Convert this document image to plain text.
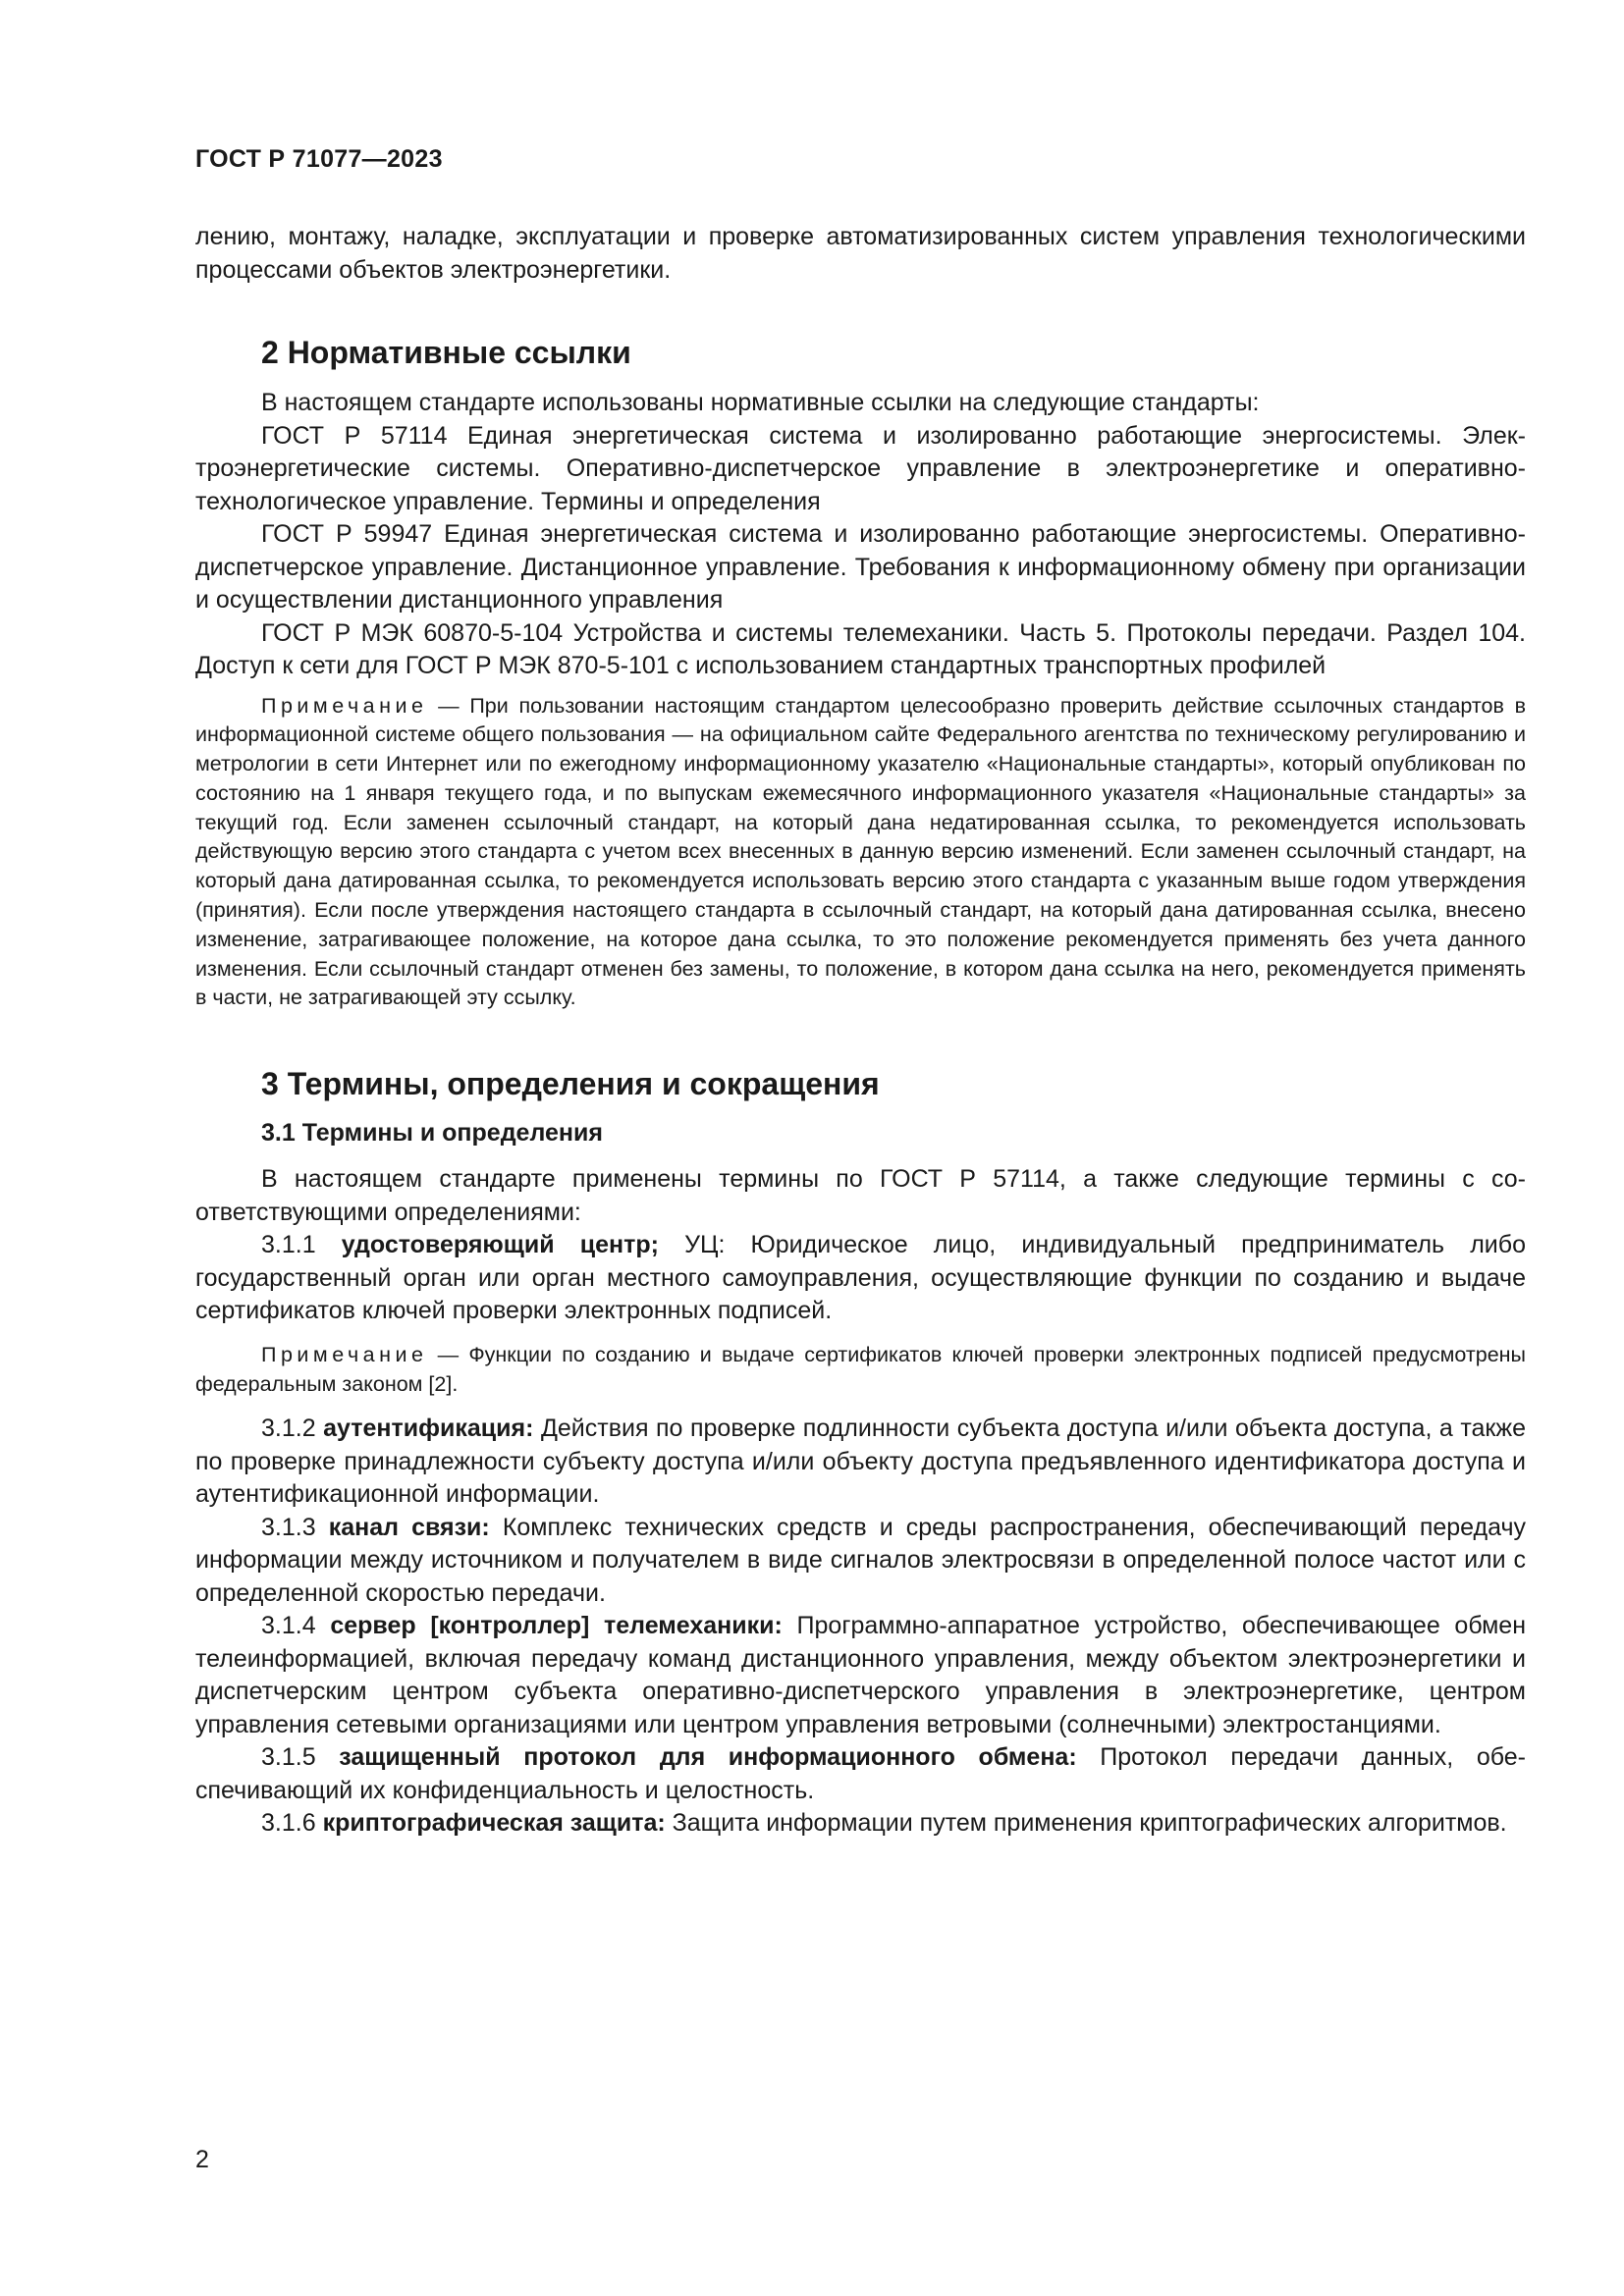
ГОСТ Р 71077—2023

лению, монтажу, наладке, эксплуатации и проверке автоматизированных систем управления технологическими процессами объектов электроэнергетики.

2 Нормативные ссылки

В настоящем стандарте использованы нормативные ссылки на следующие стандарты:

ГОСТ Р 57114 Единая энергетическая система и изолированно работающие энергосистемы. Электроэнергетические системы. Оперативно-диспетчерское управление в электроэнергетике и оперативно-технологическое управление. Термины и определения

ГОСТ Р 59947 Единая энергетическая система и изолированно работающие энергосистемы. Оперативно-диспетчерское управление. Дистанционное управление. Требования к информационному обмену при организации и осуществлении дистанционного управления

ГОСТ Р МЭК 60870-5-104 Устройства и системы телемеханики. Часть 5. Протоколы передачи. Раздел 104. Доступ к сети для ГОСТ Р МЭК 870-5-101 с использованием стандартных транспортных профилей

Примечание — При пользовании настоящим стандартом целесообразно проверить действие ссылочных стандартов в информационной системе общего пользования — на официальном сайте Федерального агентства по техническому регулированию и метрологии в сети Интернет или по ежегодному информационному указателю «Национальные стандарты», который опубликован по состоянию на 1 января текущего года, и по выпускам ежемесячного информационного указателя «Национальные стандарты» за текущий год. Если заменен ссылочный стандарт, на который дана недатированная ссылка, то рекомендуется использовать действующую версию этого стандарта с учетом всех внесенных в данную версию изменений. Если заменен ссылочный стандарт, на который дана датированная ссылка, то рекомендуется использовать версию этого стандарта с указанным выше годом утверждения (принятия). Если после утверждения настоящего стандарта в ссылочный стандарт, на который дана датированная ссылка, внесено изменение, затрагивающее положение, на которое дана ссылка, то это положение рекомендуется применять без учета данного изменения. Если ссылочный стандарт отменен без замены, то положение, в котором дана ссылка на него, рекомендуется применять в части, не затрагивающей эту ссылку.

3 Термины, определения и сокращения
3.1 Термины и определения

В настоящем стандарте применены термины по ГОСТ Р 57114, а также следующие термины с соответствующими определениями:

3.1.1 удостоверяющий центр; УЦ: Юридическое лицо, индивидуальный предприниматель либо государственный орган или орган местного самоуправления, осуществляющие функции по созданию и выдаче сертификатов ключей проверки электронных подписей.

Примечание — Функции по созданию и выдаче сертификатов ключей проверки электронных подписей предусмотрены федеральным законом [2].

3.1.2 аутентификация: Действия по проверке подлинности субъекта доступа и/или объекта доступа, а также по проверке принадлежности субъекту доступа и/или объекту доступа предъявленного идентификатора доступа и аутентификационной информации.

3.1.3 канал связи: Комплекс технических средств и среды распространения, обеспечивающий передачу информации между источником и получателем в виде сигналов электросвязи в определенной полосе частот или с определенной скоростью передачи.

3.1.4 сервер [контроллер] телемеханики: Программно-аппаратное устройство, обеспечивающее обмен телеинформацией, включая передачу команд дистанционного управления, между объектом электроэнергетики и диспетчерским центром субъекта оперативно-диспетчерского управления в электроэнергетике, центром управления сетевыми организациями или центром управления ветровыми (солнечными) электростанциями.

3.1.5 защищенный протокол для информационного обмена: Протокол передачи данных, обеспечивающий их конфиденциальность и целостность.

3.1.6 криптографическая защита: Защита информации путем применения криптографических алгоритмов.

2
